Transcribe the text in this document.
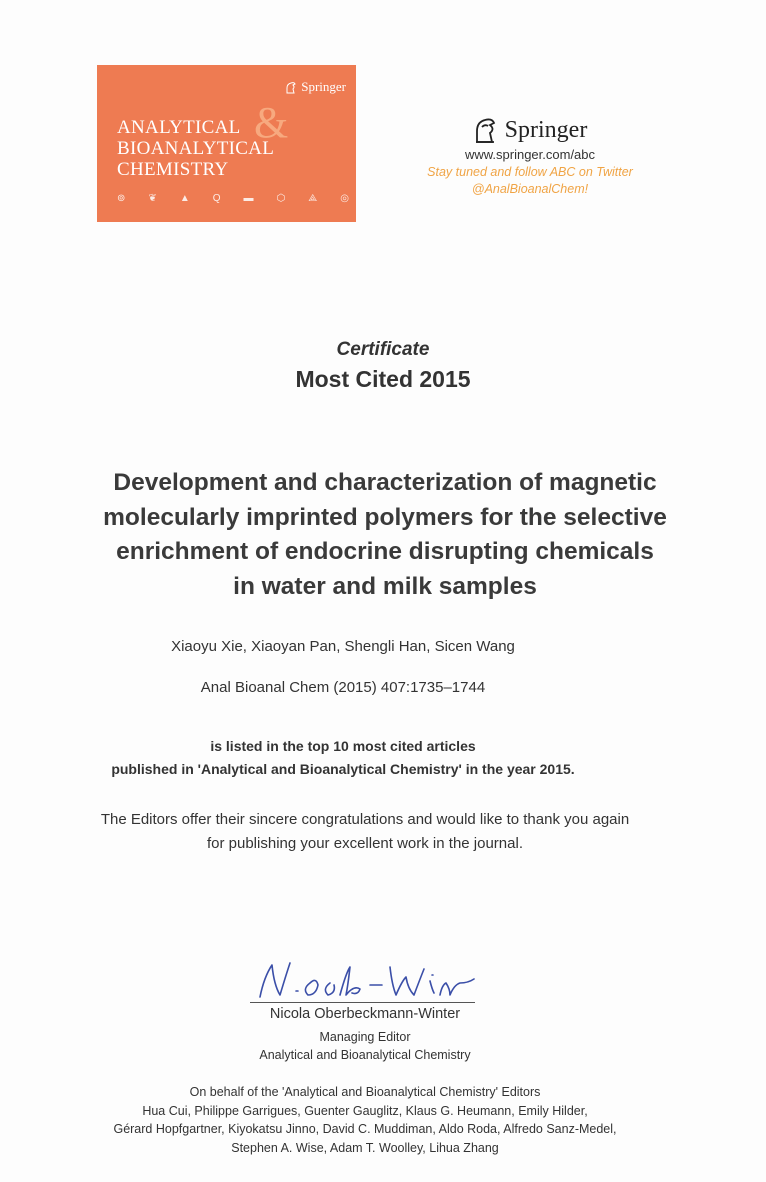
Springer
&
ANALYTICAL
BIOANALYTICAL
CHEMISTRY
⊚ ❦ ▲ Q ▬ ⬡ ⟁ ◎
Springer
www.springer.com/abc
Stay tuned and follow ABC on Twitter
@AnalBioanalChem!
Certificate
Most Cited 2015
Development and characterization of magnetic
molecularly imprinted polymers for the selective
enrichment of endocrine disrupting chemicals
in water and milk samples
Xiaoyu Xie, Xiaoyan Pan, Shengli Han, Sicen Wang
Anal Bioanal Chem (2015) 407:1735–1744
is listed in the top 10 most cited articles
published in 'Analytical and Bioanalytical Chemistry' in the year 2015.
The Editors offer their sincere congratulations and would like to thank you again
for publishing your excellent work in the journal.
Nicola Oberbeckmann-Winter
Managing Editor
Analytical and Bioanalytical Chemistry
On behalf of the 'Analytical and Bioanalytical Chemistry' Editors
Hua Cui, Philippe Garrigues, Guenter Gauglitz, Klaus G. Heumann, Emily Hilder,
Gérard Hopfgartner, Kiyokatsu Jinno, David C. Muddiman, Aldo Roda, Alfredo Sanz-Medel,
Stephen A. Wise, Adam T. Woolley, Lihua Zhang
